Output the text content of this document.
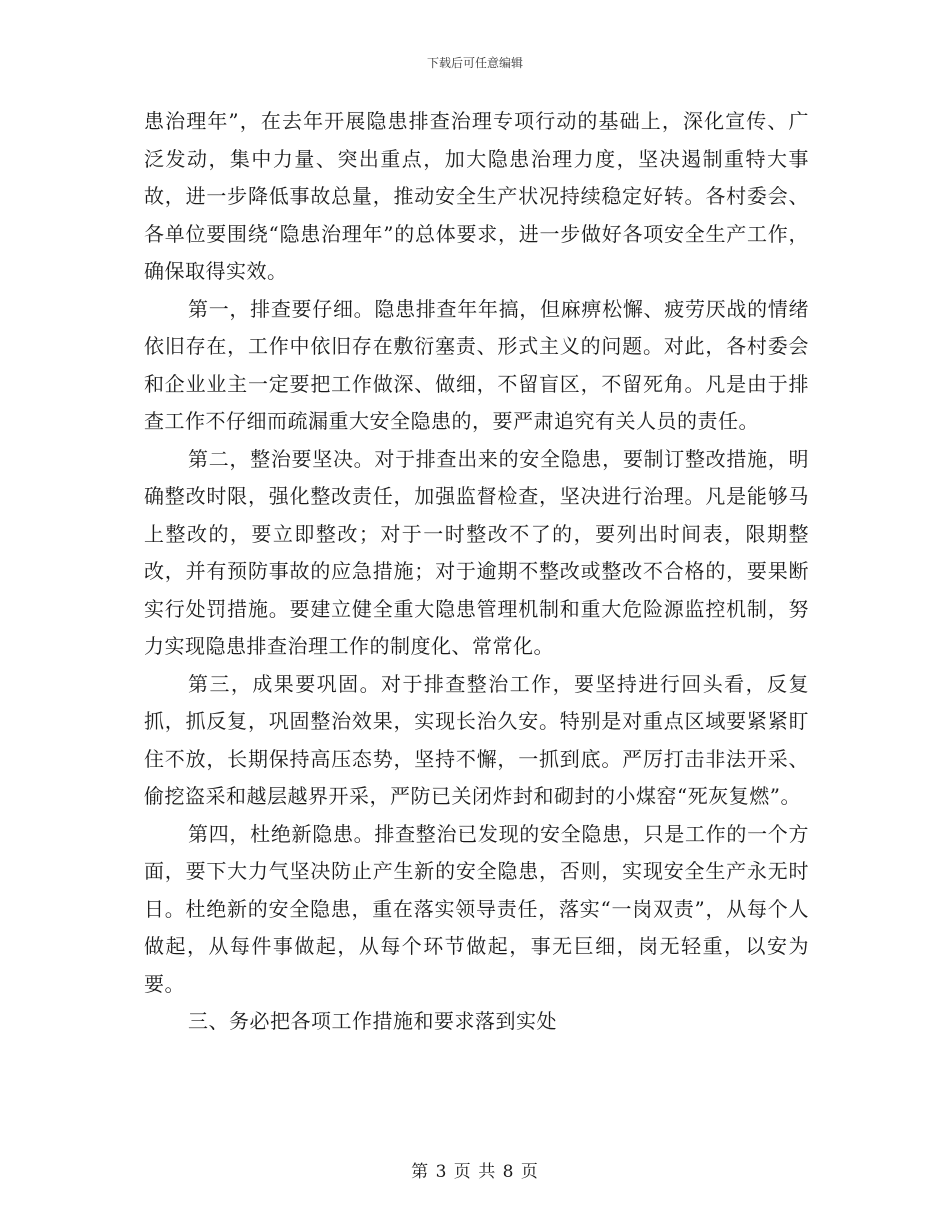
下载后可任意编辑

患治理年”，在去年开展隐患排查治理专项行动的基础上，深化宣传、广泛发动，集中力量、突出重点，加大隐患治理力度，坚决遏制重特大事故，进一步降低事故总量，推动安全生产状况持续稳定好转。各村委会、各单位要围绕“隐患治理年”的总体要求，进一步做好各项安全生产工作，确保取得实效。

第一，排查要仔细。隐患排查年年搞，但麻痹松懈、疲劳厌战的情绪依旧存在，工作中依旧存在敷衍塞责、形式主义的问题。对此，各村委会和企业业主一定要把工作做深、做细，不留盲区，不留死角。凡是由于排查工作不仔细而疏漏重大安全隐患的，要严肃追究有关人员的责任。

第二，整治要坚决。对于排查出来的安全隐患，要制订整改措施，明确整改时限，强化整改责任，加强监督检查，坚决进行治理。凡是能够马上整改的，要立即整改；对于一时整改不了的，要列出时间表，限期整改，并有预防事故的应急措施；对于逾期不整改或整改不合格的，要果断实行处罚措施。要建立健全重大隐患管理机制和重大危险源监控机制，努力实现隐患排查治理工作的制度化、常常化。

第三，成果要巩固。对于排查整治工作，要坚持进行回头看，反复抓，抓反复，巩固整治效果，实现长治久安。特别是对重点区域要紧紧盯住不放，长期保持高压态势，坚持不懈，一抓到底。严厉打击非法开采、偷挖盗采和越层越界开采，严防已关闭炸封和砌封的小煤窑“死灰复燃”。

第四，杜绝新隐患。排查整治已发现的安全隐患，只是工作的一个方面，要下大力气坚决防止产生新的安全隐患，否则，实现安全生产永无时日。杜绝新的安全隐患，重在落实领导责任，落实“一岗双责”，从每个人做起，从每件事做起，从每个环节做起，事无巨细，岗无轻重，以安为要。

三、务必把各项工作措施和要求落到实处

第 3 页 共 8 页
